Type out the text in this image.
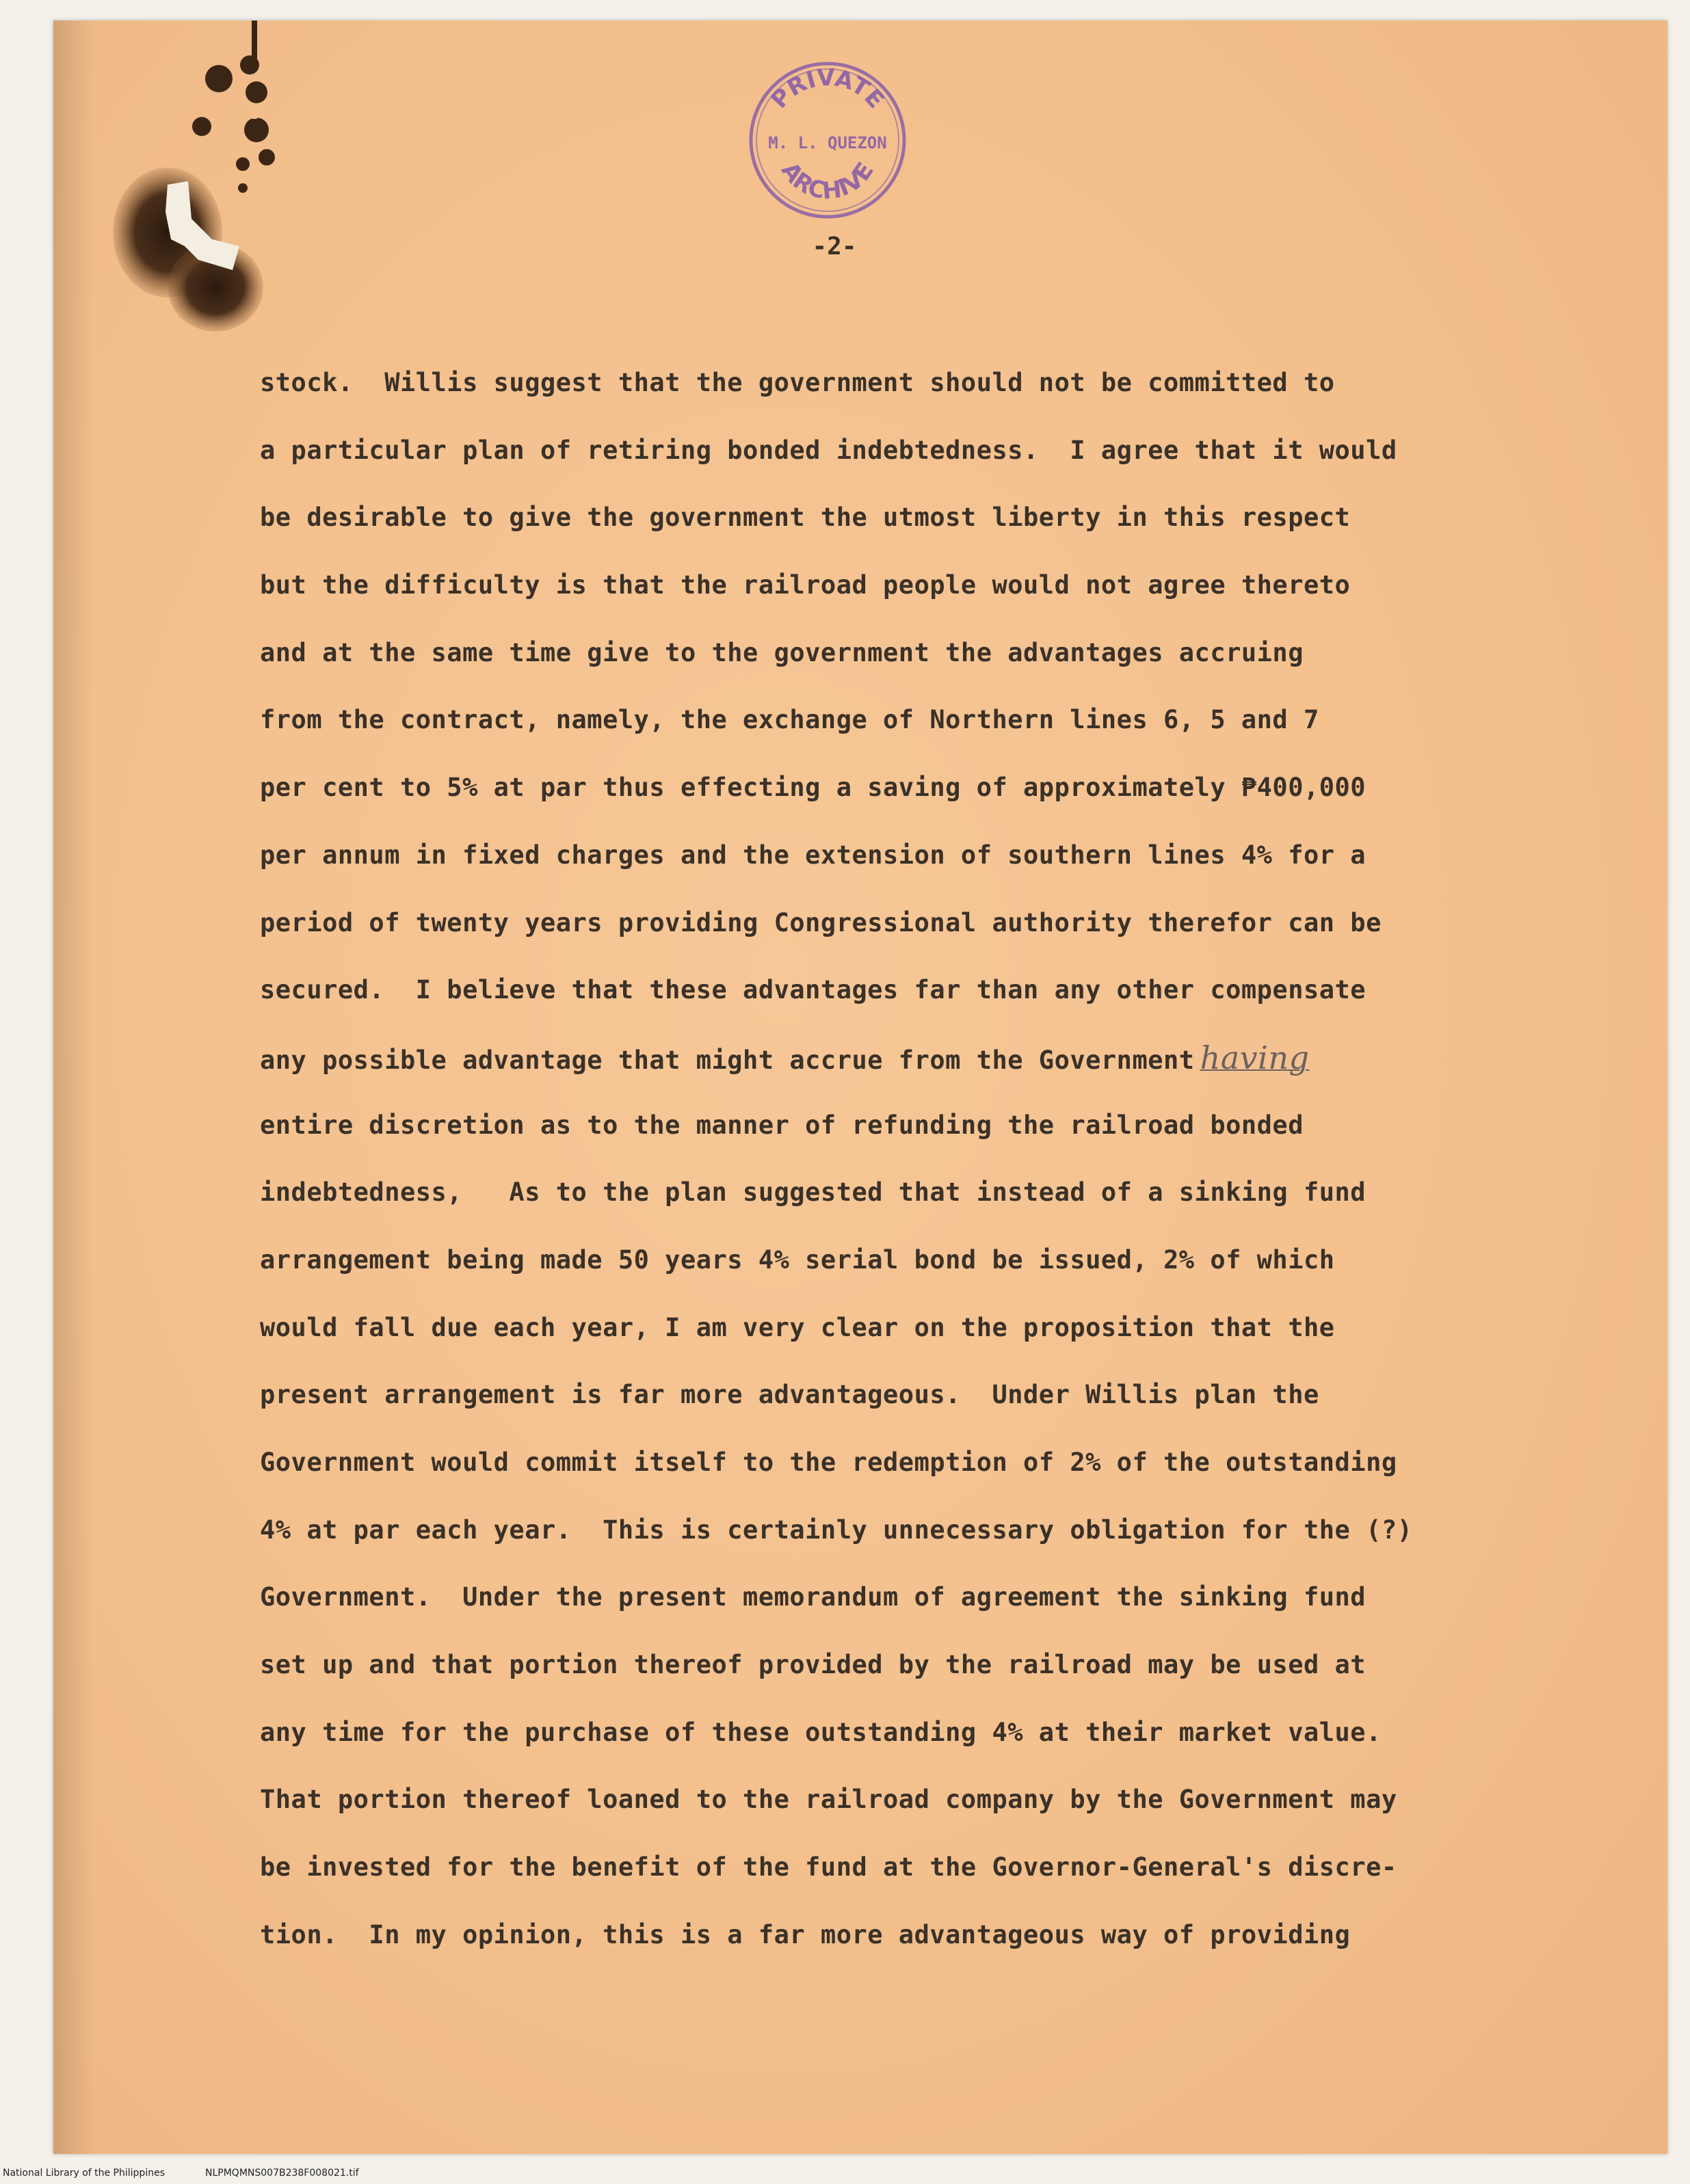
PRIVATE
M. L. QUEZON
ARCHIVE
-2-
stock.  Willis suggest that the government should not be committed to
a particular plan of retiring bonded indebtedness.  I agree that it would
be desirable to give the government the utmost liberty in this respect
but the difficulty is that the railroad people would not agree thereto
and at the same time give to the government the advantages accruing
from the contract, namely, the exchange of Northern lines 6, 5 and 7
per cent to 5% at par thus effecting a saving of approximately ₱400,000
per annum in fixed charges and the extension of southern lines 4% for a
period of twenty years providing Congressional authority therefor can be
secured.  I believe that these advantages far than any other compensate
any possible advantage that might accrue from the Government having
entire discretion as to the manner of refunding the railroad bonded
indebtedness,   As to the plan suggested that instead of a sinking fund
arrangement being made 50 years 4% serial bond be issued, 2% of which
would fall due each year, I am very clear on the proposition that the
present arrangement is far more advantageous.  Under Willis plan the
Government would commit itself to the redemption of 2% of the outstanding
4% at par each year.  This is certainly unnecessary obligation for the (?)
Government.  Under the present memorandum of agreement the sinking fund
set up and that portion thereof provided by the railroad may be used at
any time for the purchase of these outstanding 4% at their market value.
That portion thereof loaned to the railroad company by the Government may
be invested for the benefit of the fund at the Governor-General's discre-
tion.  In my opinion, this is a far more advantageous way of providing
National Library of the Philippines	NLPMQMNS007B238F008021.tif
